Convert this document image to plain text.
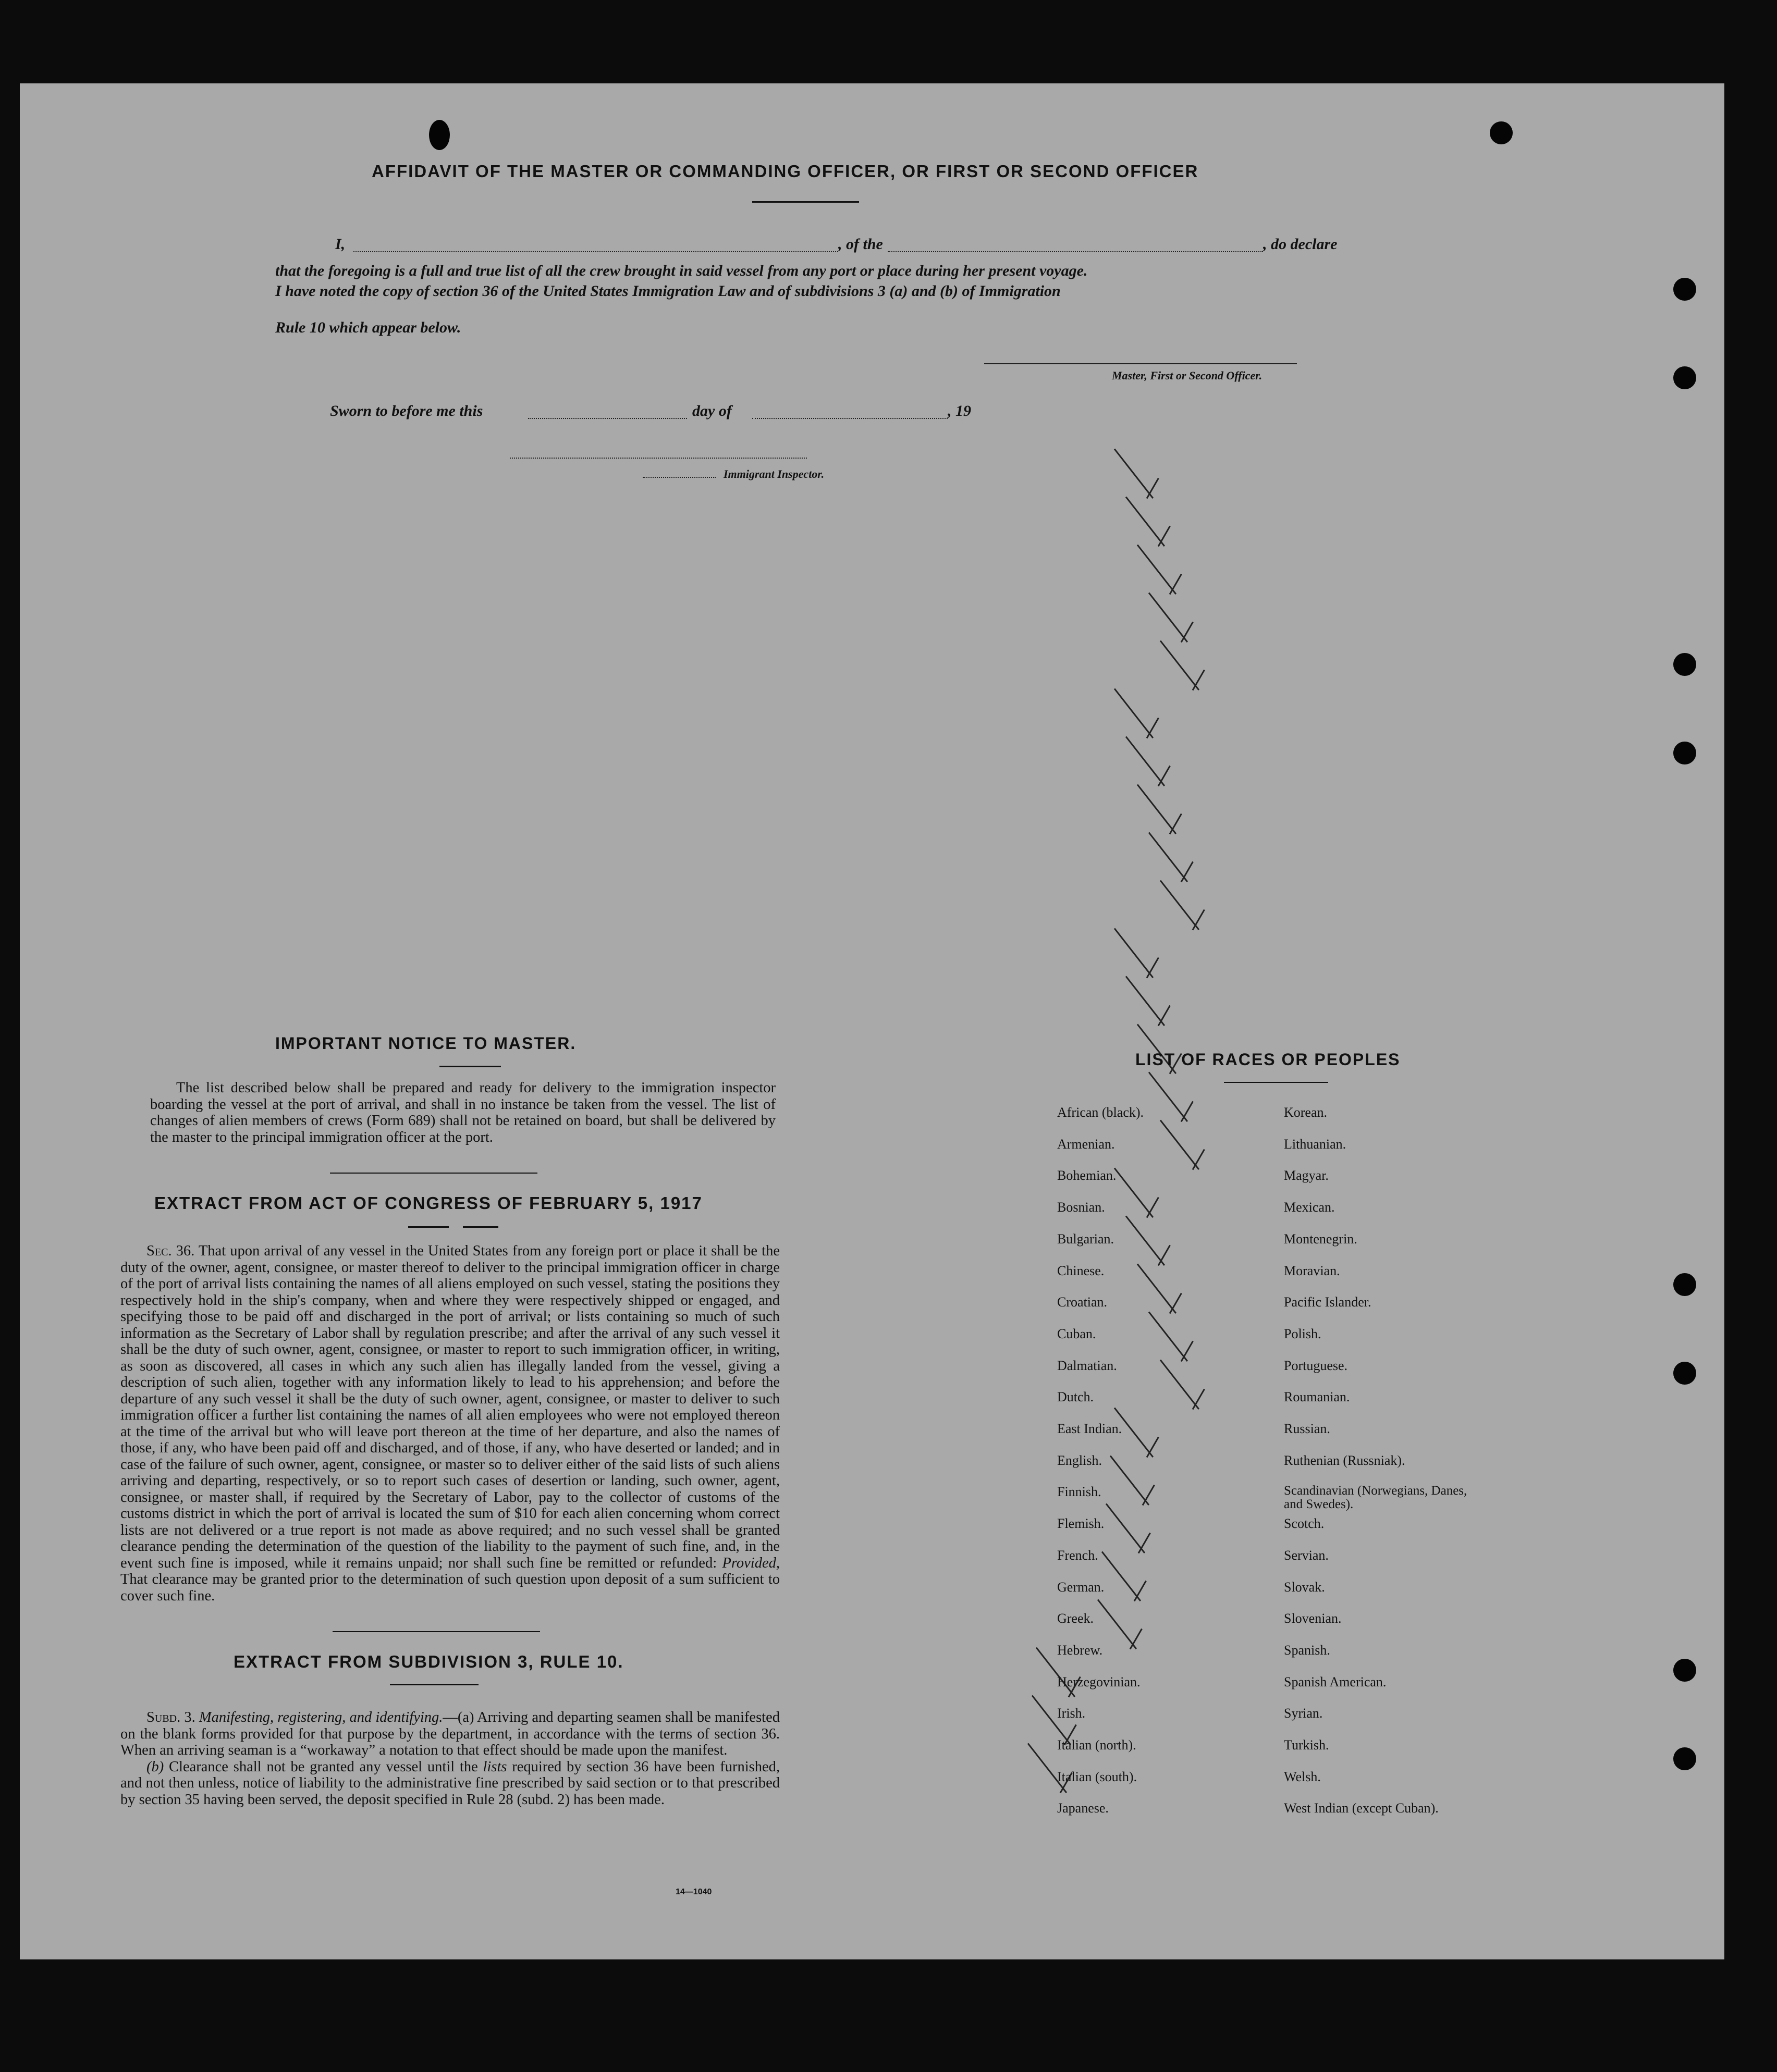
AFFIDAVIT OF THE MASTER OR COMMANDING OFFICER, OR FIRST OR SECOND OFFICER
I,	, of the	, do declare
that the foregoing is a full and true list of all the crew brought in said vessel from any port or place during her present voyage.
I have noted the copy of section 36 of the United States Immigration Law and of subdivisions 3 (a) and (b) of Immigration
Rule 10 which appear below.
Master, First or Second Officer.
Sworn to before me this	day of	, 19
Immigrant Inspector.
IMPORTANT NOTICE TO MASTER.

The list described below shall be prepared and ready for delivery to the immigration inspector boarding the vessel at the port of arrival, and shall in no instance be taken from the vessel. The list of changes of alien members of crews (Form 689) shall not be retained on board, but shall be delivered by the master to the principal immigration officer at the port.

EXTRACT FROM ACT OF CONGRESS OF FEBRUARY 5, 1917

Sec. 36. That upon arrival of any vessel in the United States from any foreign port or place it shall be the duty of the owner, agent, consignee, or master thereof to deliver to the principal immigration officer in charge of the port of arrival lists containing the names of all aliens employed on such vessel, stating the positions they respectively hold in the ship's company, when and where they were respectively shipped or engaged, and specifying those to be paid off and discharged in the port of arrival; or lists containing so much of such information as the Secretary of Labor shall by regulation prescribe; and after the arrival of any such vessel it shall be the duty of such owner, agent, consignee, or master to report to such immigration officer, in writing, as soon as discovered, all cases in which any such alien has illegally landed from the vessel, giving a description of such alien, together with any information likely to lead to his apprehension; and before the departure of any such vessel it shall be the duty of such owner, agent, consignee, or master to deliver to such immigration officer a further list containing the names of all alien employees who were not employed thereon at the time of the arrival but who will leave port thereon at the time of her departure, and also the names of those, if any, who have been paid off and discharged, and of those, if any, who have deserted or landed; and in case of the failure of such owner, agent, consignee, or master so to deliver either of the said lists of such aliens arriving and departing, respectively, or so to report such cases of desertion or landing, such owner, agent, consignee, or master shall, if required by the Secretary of Labor, pay to the collector of customs of the customs district in which the port of arrival is located the sum of $10 for each alien concerning whom correct lists are not delivered or a true report is not made as above required; and no such vessel shall be granted clearance pending the determination of the question of the liability to the payment of such fine, and, in the event such fine is imposed, while it remains unpaid; nor shall such fine be remitted or refunded: Provided, That clearance may be granted prior to the determination of such question upon deposit of a sum sufficient to cover such fine.

EXTRACT FROM SUBDIVISION 3, RULE 10.

Subd. 3. Manifesting, registering, and identifying.—(a) Arriving and departing seamen shall be manifested on the blank forms provided for that purpose by the department, in accordance with the terms of section 36. When an arriving seaman is a “workaway” a notation to that effect should be made upon the manifest.

(b) Clearance shall not be granted any vessel until the lists required by section 36 have been furnished, and not then unless, notice of liability to the administrative fine prescribed by said section or to that prescribed by section 35 having been served, the deposit specified in Rule 28 (subd. 2) has been made.

14—1040
LIST OF RACES OR PEOPLES
African (black).
Armenian.
Bohemian.
Bosnian.
Bulgarian.
Chinese.
Croatian.
Cuban.
Dalmatian.
Dutch.
East Indian.
English.
Finnish.
Flemish.
French.
German.
Greek.
Hebrew.
Herzegovinian.
Irish.
Italian (north).
Italian (south).
Japanese.
Korean.
Lithuanian.
Magyar.
Mexican.
Montenegrin.
Moravian.
Pacific Islander.
Polish.
Portuguese.
Roumanian.
Russian.
Ruthenian (Russniak).
Scandinavian (Norwegians, Danes, and Swedes).
Scotch.
Servian.
Slovak.
Slovenian.
Spanish.
Spanish American.
Syrian.
Turkish.
Welsh.
West Indian (except Cuban).
